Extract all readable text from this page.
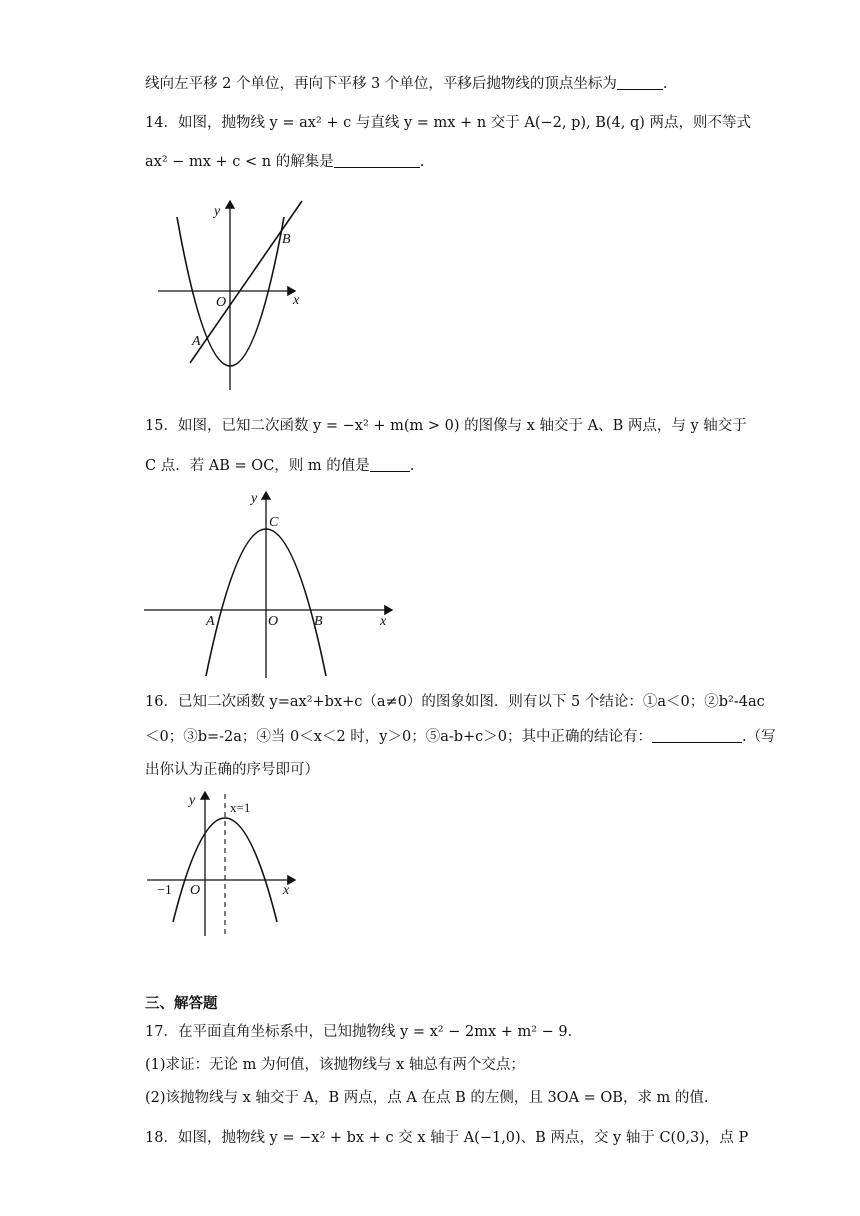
线向左平移 2 个单位，再向下平移 3 个单位，平移后抛物线的顶点坐标为	.
14．如图，抛物线 y = ax² + c 与直线 y = mx + n 交于 A(−2, p), B(4, q) 两点，则不等式
ax² − mx + c < n 的解集是	.
y
x
O
A
B
15．如图，已知二次函数 y = −x² + m(m > 0) 的图像与 x 轴交于 A、B 两点，与 y 轴交于
C 点．若 AB = OC，则 m 的值是	.
y
C
A	O	B	x
16．已知二次函数 y=ax²+bx+c（a≠0）的图象如图．则有以下 5 个结论：①a＜0；②b²-4ac
＜0；③b=-2a；④当 0＜x＜2 时，y＞0；⑤a-b+c＞0；其中正确的结论有：	.（写
出你认为正确的序号即可）
y	x=1
−1 O	x
三、解答题
17．在平面直角坐标系中，已知抛物线 y = x² − 2mx + m² − 9．
(1)求证：无论 m 为何值，该抛物线与 x 轴总有两个交点；
(2)该抛物线与 x 轴交于 A，B 两点，点 A 在点 B 的左侧，且 3OA = OB，求 m 的值.
18．如图，抛物线 y = −x² + bx + c 交 x 轴于 A(−1,0)、B 两点，交 y 轴于 C(0,3)，点 P
